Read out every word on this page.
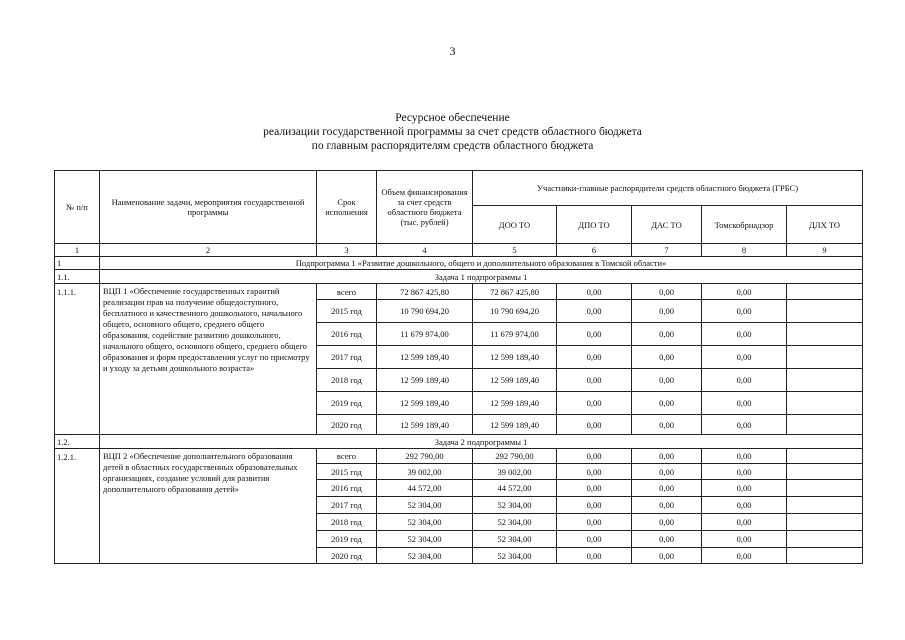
3
Ресурсное обеспечение
реализации государственной программы за счет средств областного бюджета
по главным распорядителям средств областного бюджета
№ п/п	Наименование задачи, мероприятия государственной программы	Срок исполнения	Объем финансирования за счет средств областного бюджета (тыс. рублей)	Участники-главные распорядители средств областного бюджета (ГРБС)				
				ДОО ТО	ДПО ТО	ДАС ТО	Томскобрнадзор	ДЛХ ТО
1	2	3	4	5	6	7	8	9
1	Подпрограмма 1 «Развитие дошкольного, общего и дополнительного образования в Томской области»							
1.1.	Задача 1 подпрограммы 1							
1.1.1.	ВЦП 1 «Обеспечение государственных гарантий реализации прав на получение общедоступного, бесплатного и качественного дошкольного, начального общего, основного общего, среднего общего образования, содействие развитию дошкольного, начального общего, основного общего, среднего общего образования и форм предоставления услуг по присмотру и уходу за детьми дошкольного возраста»	всего	72 867 425,80	72 867 425,80	0,00	0,00	0,00	
		2015 год	10 790 694,20	10 790 694,20	0,00	0,00	0,00	
		2016 год	11 679 974,00	11 679 974,00	0,00	0,00	0,00	
		2017 год	12 599 189,40	12 599 189,40	0,00	0,00	0,00	
		2018 год	12 599 189,40	12 599 189,40	0,00	0,00	0,00	
		2019 год	12 599 189,40	12 599 189,40	0,00	0,00	0,00	
		2020 год	12 599 189,40	12 599 189,40	0,00	0,00	0,00	
1.2.	Задача 2 подпрограммы 1							
1.2.1.	ВЦП 2 «Обеспечение дополнительного образования детей в областных государственных образовательных организациях, создание условий для развития дополнительного образования детей»	всего	292 790,00	292 790,00	0,00	0,00	0,00	
		2015 год	39 002,00	39 002,00	0,00	0,00	0,00	
		2016 год	44 572,00	44 572,00	0,00	0,00	0,00	
		2017 год	52 304,00	52 304,00	0,00	0,00	0,00	
		2018 год	52 304,00	52 304,00	0,00	0,00	0,00	
		2019 год	52 304,00	52 304,00	0,00	0,00	0,00	
		2020 год	52 304,00	52 304,00	0,00	0,00	0,00	
